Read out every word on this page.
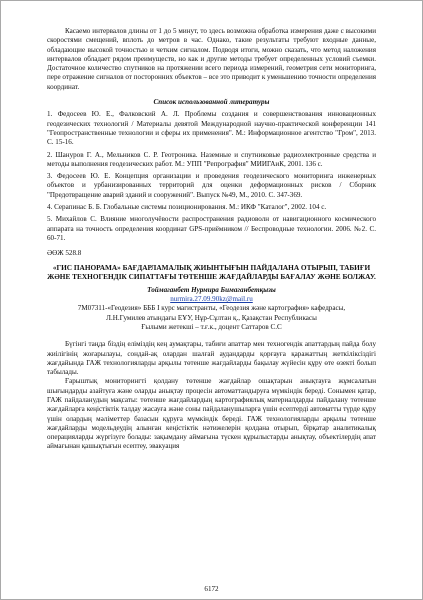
Касаемо интервалов длины от 1 до 5 минут, то здесь возможна обработка измерения даже с высокими скоростями смещений, вплоть до метров в час. Однако, такие результаты требуют входные данные, обладающие высокой точностью и четким сигналом. Подводя итоги, можно сказать, что метод наложения интервалов обладает рядом преимуществ, но как и другие методы требует определенных условий съемки. Достаточное количество спутников на протяжении всего периода измерений, геометрия сети мониторинга, пере отражение сигналов от посторонних объектов – все это приводит к уменьшению точности определения координат.

Список использованной литературы

1. Федосеев Ю. Е., Фалковский А. Л. Проблемы создания и совершенствования инновационных геодезических технологий / Материалы девятой Международной научно-практической конференции 141 "Геопространственные технологии и сферы их применения". М.: Информационное агентство "Гром", 2013. С. 15-16.

2. Шануров Г. А., Мельников С. Р. Геотроника. Наземные и спутниковые радиоэлектронные средства и методы выполнения геодезических работ. М.: УПП "Репрография" МИИГАиК, 2001. 136 с.

3. Федосеев Ю. Е. Концепция организации и проведения геодезического мониторинга инженерных объектов и урбанизированных территорий для оценки деформационных рисков / Сборник "Предотвращение аварий зданий и сооружений". Выпуск №49, М., 2010. С. 347-369.

4. Серапинас Б. Б. Глобальные системы позиционирования. М.: ИКФ "Каталог", 2002. 104 с.

5. Михайлов С. Влияние многолучёвости распространения радиоволн от навигационного космического аппарата на точность определения координат GPS-приёмником // Беспроводные технологии. 2006. №2. С. 60-71.

ӘӨЖ 528.8

«ГИС ПАНОРАМА» БАҒДАРЛАМАЛЫҚ ЖИЫНТЫҒЫН ПАЙДАЛАНА ОТЫРЫП, ТАБИҒИ ЖӘНЕ ТЕХНОГЕНДІК СИПАТТАҒЫ ТӨТЕНШЕ ЖАҒДАЙЛАРДЫ БАҒАЛАУ ЖӘНЕ БОЛЖАУ.

Тоймаганбет Нурмира Бимаганбетқызы

nurmira.27.09.90kz@mail.ru

7М07311-«Геодезия» БББ І курс магистранты, «Геодезия және картография» кафедрасы,

Л.Н.Гумилев атындағы ЕҰУ, Нұр-Сұлтан қ., Қазақстан Республикасы

Ғылыми жетекші – т.ғ.к., доцент Саттаров С.С

Бүгінгі таңда біздің еліміздің кең аумақтары, табиғи апаттар мен техногендік апаттардың пайда болу жиілігінің жоғарылауы, сондай-ақ олардан шалғай аудандарды қорғауға қаражаттың жеткіліксіздігі жағдайында ГАЖ технологияларды арқылы төтенше жағдайларды бақылау жүйесін құру өте өзекті болып табылады.

Ғарыштық мониторингті қолдану төтенше жағдайлар ошақтарын анықтауға жұмсалатын шығындарды азайтуға және оларды анықтау процесін автоматтандыруға мүмкіндік береді. Сонымен қатар, ГАЖ пайдаланудың мақсаты: төтенше жағдайлардың картографиялық материалдарды пайдалану төтенше жағдайларға кеңістіктік талдау жасауға және соны пайдаланушыларға үшін есептерді автоматты түрде құру үшін олардың мәліметтер базасын құруға мүмкіндік береді. ГАЖ технологияларды арқылы төтенше жағдайларды модельдеудің алынған кеңістіктік нәтижелерін қолдана отырып, бірқатар аналитикалық операцияларды жүргізуге болады: зақымдану аймағына түскен құрылыстарды анықтау, объектілердің апат аймағынан қашықтығын есептеу, эвакуация

6172
